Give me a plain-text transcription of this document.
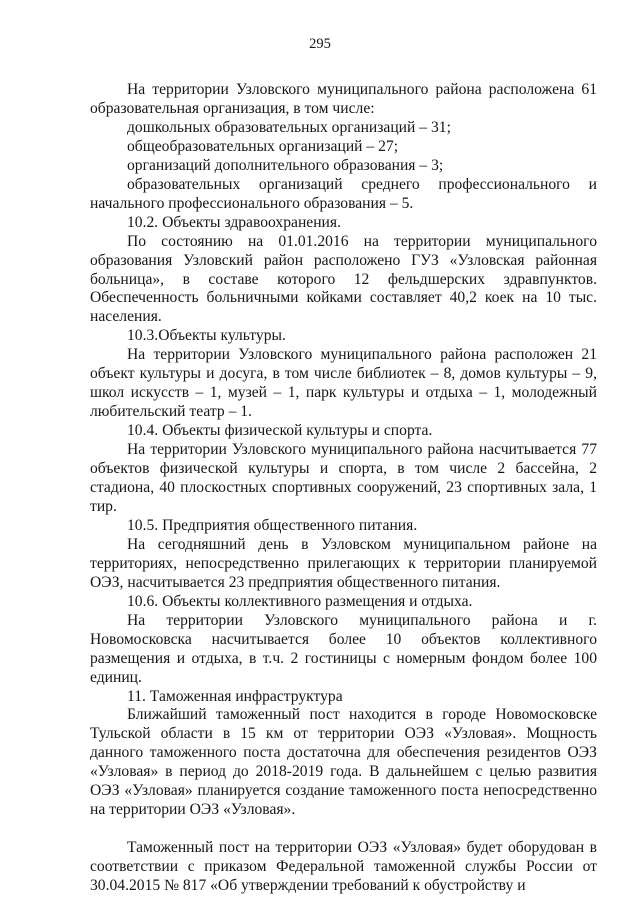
295

На территории Узловского муниципального района расположена 61 образовательная организация, в том числе:

дошкольных образовательных организаций – 31;

общеобразовательных организаций – 27;

организаций дополнительного образования – 3;

образовательных организаций среднего профессионального и начального профессионального образования – 5.

10.2. Объекты здравоохранения.

По состоянию на 01.01.2016 на территории муниципального образования Узловский район расположено ГУЗ «Узловская районная больница», в составе которого 12 фельдшерских здравпунктов. Обеспеченность больничными койками составляет 40,2 коек на 10 тыс. населения.

10.3.Объекты культуры.

На территории Узловского муниципального района расположен 21 объект культуры и досуга, в том числе библиотек – 8, домов культуры – 9, школ искусств – 1, музей – 1, парк культуры и отдыха – 1, молодежный любительский театр – 1.

10.4. Объекты физической культуры и спорта.

На территории Узловского муниципального района насчитывается 77 объектов физической культуры и спорта, в том числе 2 бассейна, 2 стадиона, 40 плоскостных спортивных сооружений, 23 спортивных зала, 1 тир.

10.5. Предприятия общественного питания.

На сегодняшний день в Узловском муниципальном районе на территориях, непосредственно прилегающих к территории планируемой ОЭЗ, насчитывается 23 предприятия общественного питания.

10.6. Объекты коллективного размещения и отдыха.

На территории Узловского муниципального района и г. Новомосковска насчитывается более 10 объектов коллективного размещения и отдыха, в т.ч. 2 гостиницы с номерным фондом более 100 единиц.

11. Таможенная инфраструктура

Ближайший таможенный пост находится в городе Новомосковске Тульской области в 15 км от территории ОЭЗ «Узловая». Мощность данного таможенного поста достаточна для обеспечения резидентов ОЭЗ «Узловая» в период до 2018-2019 года. В дальнейшем с целью развития ОЭЗ «Узловая» планируется создание таможенного поста непосредственно на территории ОЭЗ «Узловая».

Таможенный пост на территории ОЭЗ «Узловая» будет оборудован в соответствии с приказом Федеральной таможенной службы России от 30.04.2015 № 817 «Об утверждении требований к обустройству и
